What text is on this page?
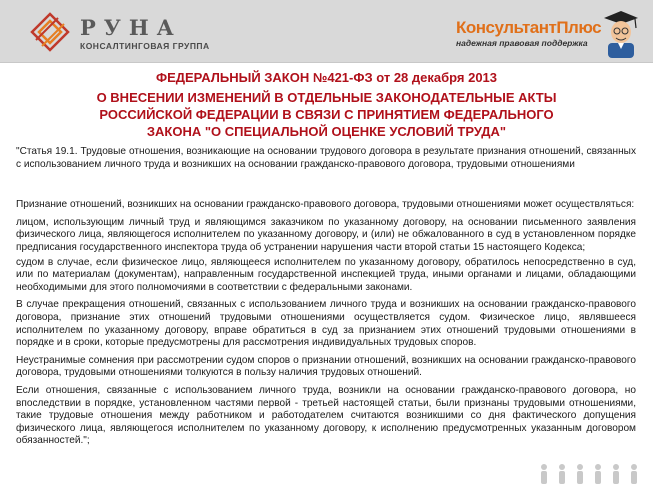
РУНА
КОНСАЛТИНГОВАЯ ГРУППА
КонсультантПлюс
надежная правовая поддержка

ФЕДЕРАЛЬНЫЙ ЗАКОН №421-ФЗ от 28 декабря 2013

О ВНЕСЕНИИ ИЗМЕНЕНИЙ В ОТДЕЛЬНЫЕ ЗАКОНОДАТЕЛЬНЫЕ АКТЫ
РОССИЙСКОЙ ФЕДЕРАЦИИ В СВЯЗИ С ПРИНЯТИЕМ ФЕДЕРАЛЬНОГО
ЗАКОНА "О СПЕЦИАЛЬНОЙ ОЦЕНКЕ УСЛОВИЙ ТРУДА"

"Статья 19.1. Трудовые отношения, возникающие на основании трудового договора в результате признания отношений, связанных с использованием личного труда и возникших на основании гражданско-правового договора, трудовыми отношениями

Признание отношений, возникших на основании гражданско-правового договора, трудовыми отношениями может осуществляться:

лицом, использующим личный труд и являющимся заказчиком по указанному договору, на основании письменного заявления физического лица, являющегося исполнителем по указанному договору, и (или) не обжалованного в суд в установленном порядке предписания государственного инспектора труда об устранении нарушения части второй статьи 15 настоящего Кодекса;

судом в случае, если физическое лицо, являющееся исполнителем по указанному договору, обратилось непосредственно в суд, или по материалам (документам), направленным государственной инспекцией труда, иными органами и лицами, обладающими необходимыми для этого полномочиями в соответствии с федеральными законами.

В случае прекращения отношений, связанных с использованием личного труда и возникших на основании гражданско-правового договора, признание этих отношений трудовыми отношениями осуществляется судом. Физическое лицо, являвшееся исполнителем по указанному договору, вправе обратиться в суд за признанием этих отношений трудовыми отношениями в порядке и в сроки, которые предусмотрены для рассмотрения индивидуальных трудовых споров.

Неустранимые сомнения при рассмотрении судом споров о признании отношений, возникших на основании гражданско-правового договора, трудовыми отношениями толкуются в пользу наличия трудовых отношений.

Если отношения, связанные с использованием личного труда, возникли на основании гражданско-правового договора, но впоследствии в порядке, установленном частями первой - третьей настоящей статьи, были признаны трудовыми отношениями, такие трудовые отношения между работником и работодателем считаются возникшими со дня фактического допущения физического лица, являющегося исполнителем по указанному договору, к исполнению предусмотренных указанным договором обязанностей.";
